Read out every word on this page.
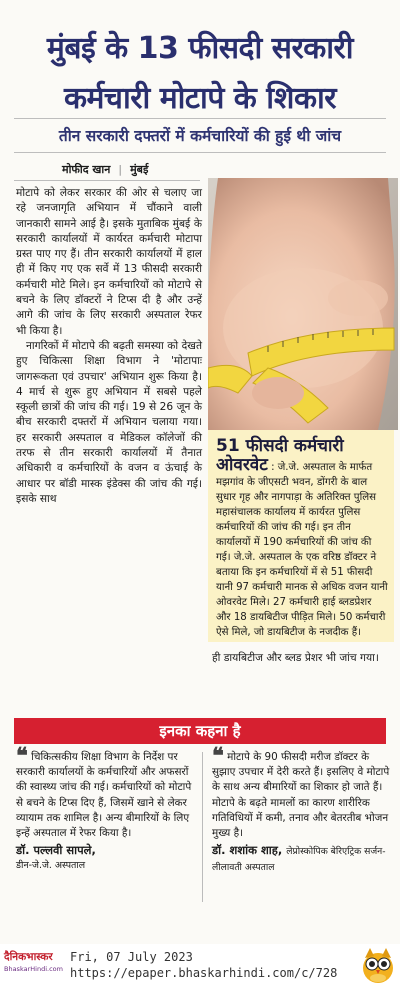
मुंबई के 13 फीसदी सरकारी
कर्मचारी मोटापे के शिकार
तीन सरकारी दफ्तरों में कर्मचारियों की हुई थी जांच
मोफीद खान | मुंबई

मोटापे को लेकर सरकार की ओर से चलाए जा रहे जनजागृति अभियान में चौंकाने वाली जानकारी सामने आई है। इसके मुताबिक मुंबई के सरकारी कार्यालयों में कार्यरत कर्मचारी मोटापा ग्रस्त पाए गए हैं। तीन सरकारी कार्यालयों में हाल ही में किए गए एक सर्वे में 13 फीसदी सरकारी कर्मचारी मोटे मिले। इन कर्मचारियों को मोटापे से बचने के लिए डॉक्टरों ने टिप्स दी है और उन्हें आगे की जांच के लिए सरकारी अस्पताल रेफर भी किया है।

नागरिकों में मोटापे की बढ़ती समस्या को देखते हुए चिकित्सा शिक्षा विभाग ने 'मोटापाः जागरूकता एवं उपचार' अभियान शुरू किया है। 4 मार्च से शुरू हुए अभियान में सबसे पहले स्कूली छात्रों की जांच की गई। 19 से 26 जून के बीच सरकारी दफ्तरों में अभियान चलाया गया। हर सरकारी अस्पताल व मेडिकल कॉलेजों की तरफ से तीन सरकारी कार्यालयों में तैनात अधिकारी व कर्मचारियों के वजन व ऊंचाई के आधार पर बॉडी मास्क इंडेक्स की जांच की गई। इसके साथ

51 फीसदी कर्मचारी
ओवरवेट : जे.जे. अस्पताल के मार्फत मझगांव के जीएसटी भवन, डोंगरी के बाल सुधार गृह और नागपाड़ा के अतिरिक्त पुलिस महासंचालक कार्यालय में कार्यरत पुलिस कर्मचारियों की जांच की गई। इन तीन कार्यालयों में 190 कर्मचारियों की जांच की गई। जे.जे. अस्पताल के एक वरिष्ठ डॉक्टर ने बताया कि इन कर्मचारियों में से 51 फीसदी यानी 97 कर्मचारी मानक से अधिक वजन यानी ओवरवेट मिले। 27 कर्मचारी हाई ब्लडप्रेशर और 18 डायबिटीज पीड़ित मिले। 50 कर्मचारी ऐसे मिले, जो डायबिटीज के नजदीक हैं।
ही डायबिटीज और ब्लड प्रेशर भी जांच गया।
इनका कहना है
❝ चिकित्सकीय शिक्षा विभाग के निर्देश पर सरकारी कार्यालयों के कर्मचारियों और अफसरों की स्वास्थ्य जांच की गई। कर्मचारियों को मोटापे से बचने के टिप्स दिए हैं, जिसमें खाने से लेकर व्यायाम तक शामिल है। अन्य बीमारियों के लिए इन्हें अस्पताल में रेफर किया है।
डॉ. पल्लवी सापले,
डीन-जे.जे. अस्पताल
❝ मोटापे के 90 फीसदी मरीज डॉक्टर के सुझाए उपचार में देरी करते हैं। इसलिए वे मोटापे के साथ अन्य बीमारियों का शिकार हो जाते हैं। मोटापे के बढ़ते मामलों का कारण शारीरिक गतिविधियों में कमी, तनाव और बेतरतीब भोजन मुख्य है।
डॉ. शशांक शाह, लेप्रोस्कोपिक बेरिएट्रिक सर्जन-लीलावती अस्पताल
दैनिकभास्कर
BhaskarHindi.com
Fri, 07 July 2023
https://epaper.bhaskarhindi.com/c/728
